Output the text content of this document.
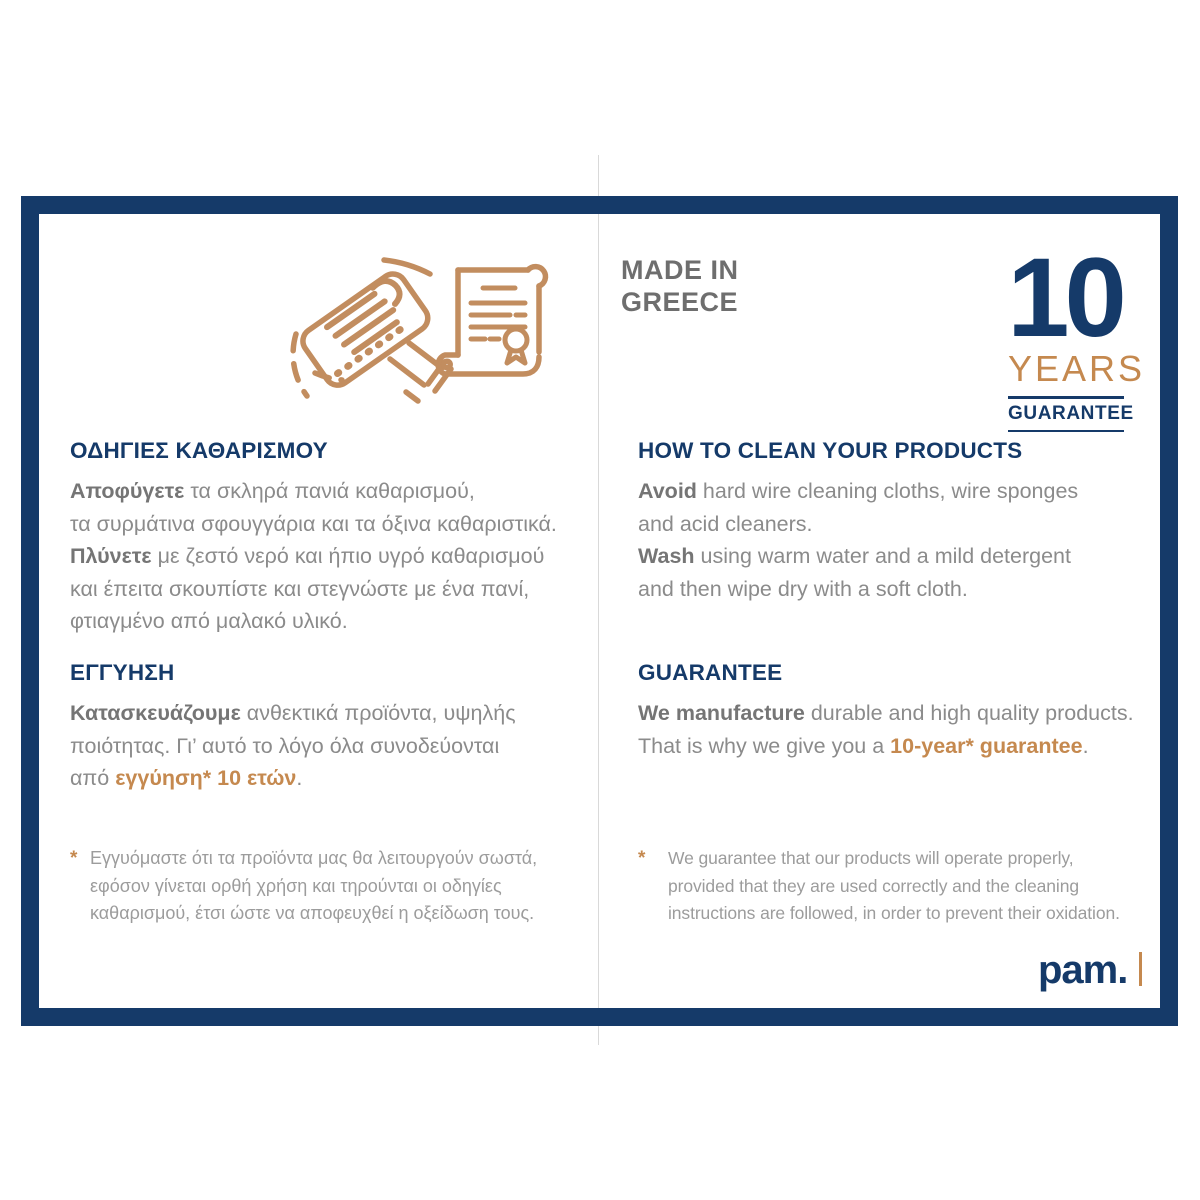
MADE IN
GREECE 10
YEARS
GUARANTEE
ΟΔΗΓΙΕΣ ΚΑΘΑΡΙΣΜΟΥ
Αποφύγετε τα σκληρά πανιά καθαρισμού,
τα συρμάτινα σφουγγάρια και τα όξινα καθαριστικά.
Πλύνετε με ζεστό νερό και ήπιο υγρό καθαρισμού
και έπειτα σκουπίστε και στεγνώστε με ένα πανί,
φτιαγμένο από μαλακό υλικό.
ΕΓΓΥΗΣΗ
Κατασκευάζουμε ανθεκτικά προϊόντα, υψηλής
ποιότητας. Γι’ αυτό το λόγο όλα συνοδεύονται
από εγγύηση* 10 ετών.
* Εγγυόμαστε ότι τα προϊόντα μας θα λειτουργούν σωστά,
εφόσον γίνεται ορθή χρήση και τηρούνται οι οδηγίες
καθαρισμού, έτσι ώστε να αποφευχθεί η οξείδωση τους.
HOW TO CLEAN YOUR PRODUCTS
Avoid hard wire cleaning cloths, wire sponges
and acid cleaners.
Wash using warm water and a mild detergent
and then wipe dry with a soft cloth.
GUARANTEE
We manufacture durable and high quality products.
That is why we give you a 10-year* guarantee.
*	We guarantee that our products will operate properly,
provided that they are used correctly and the cleaning
instructions are followed, in order to prevent their oxidation.
pam.
